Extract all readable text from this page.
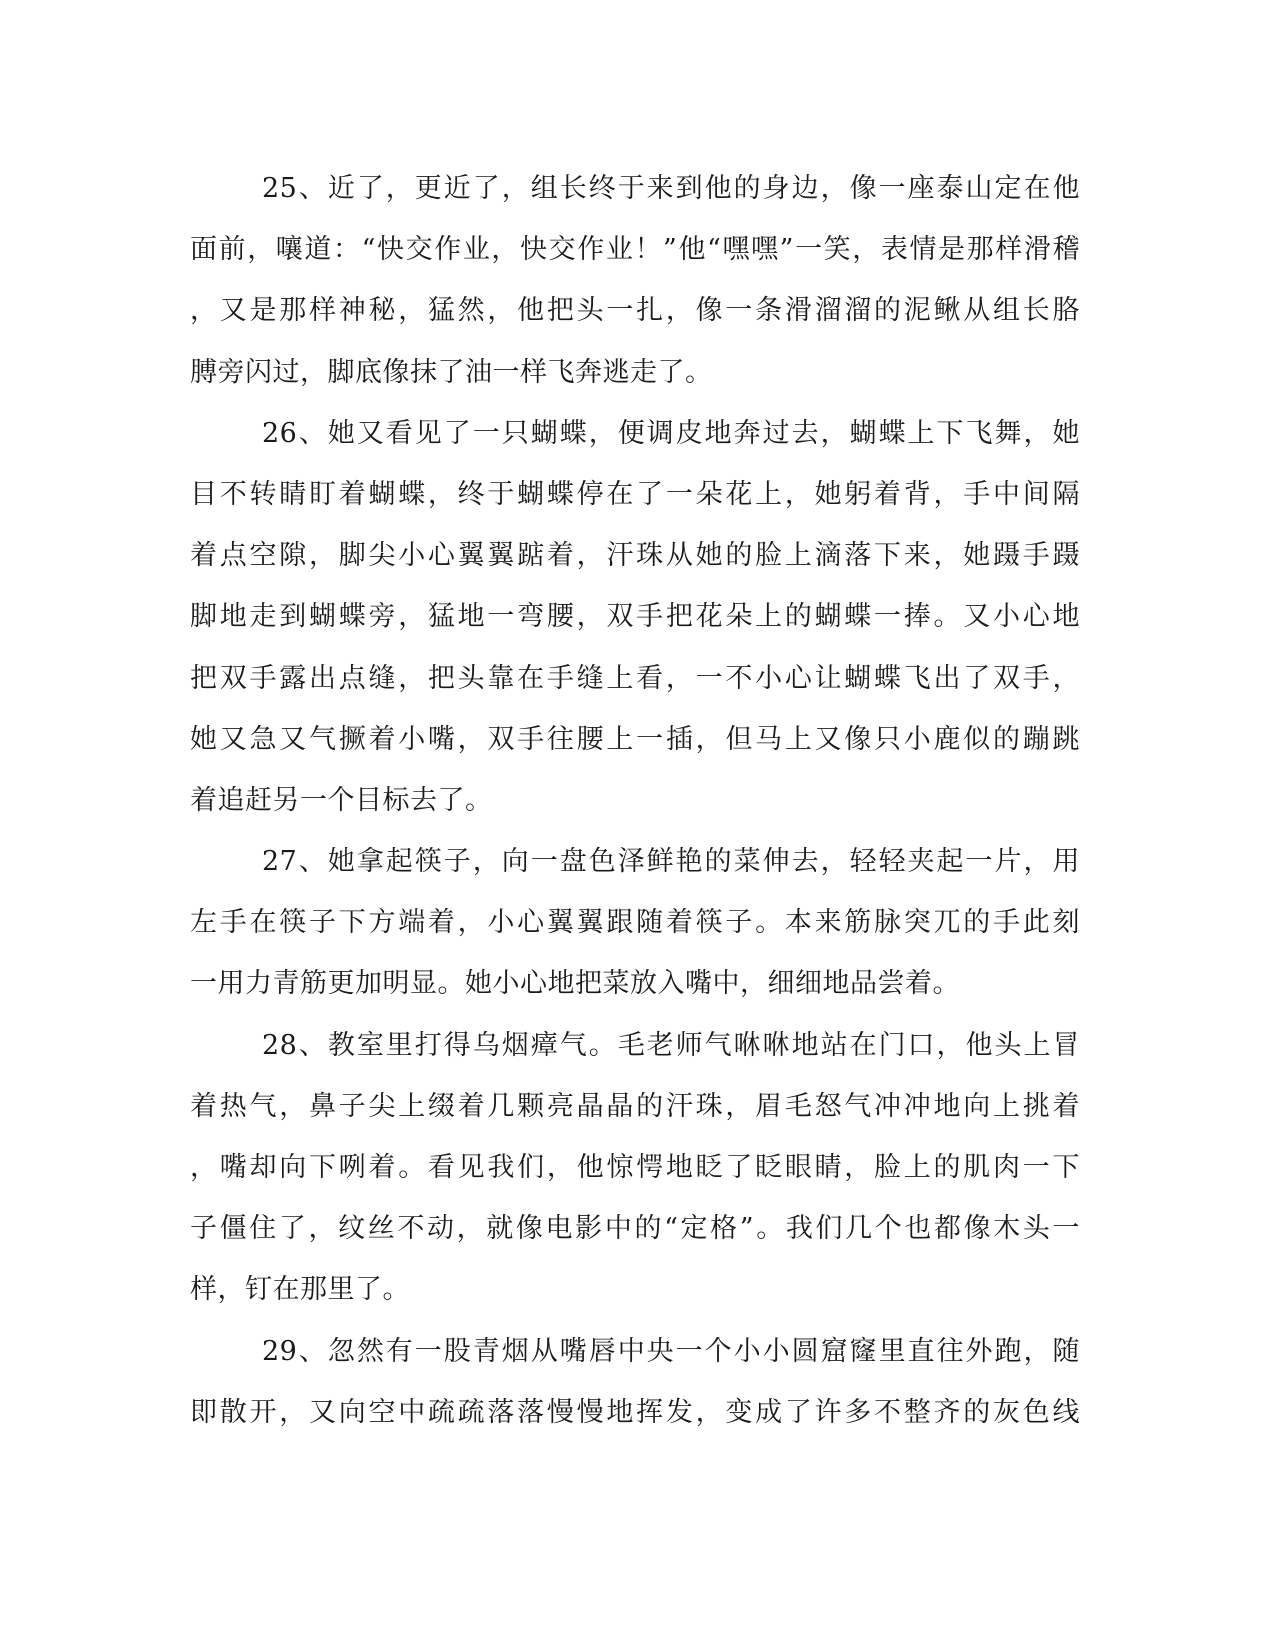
25、近了，更近了，组长终于来到他的身边，像一座泰山定在他
面前，嚷道：“快交作业，快交作业！”他“嘿嘿”一笑，表情是那样滑稽
，又是那样神秘，猛然，他把头一扎，像一条滑溜溜的泥鳅从组长胳
膊旁闪过，脚底像抹了油一样飞奔逃走了。
26、她又看见了一只蝴蝶，便调皮地奔过去，蝴蝶上下飞舞，她
目不转睛盯着蝴蝶，终于蝴蝶停在了一朵花上，她躬着背，手中间隔
着点空隙，脚尖小心翼翼踮着，汗珠从她的脸上滴落下来，她蹑手蹑
脚地走到蝴蝶旁，猛地一弯腰，双手把花朵上的蝴蝶一捧。又小心地
把双手露出点缝，把头靠在手缝上看，一不小心让蝴蝶飞出了双手，
她又急又气撅着小嘴，双手往腰上一插，但马上又像只小鹿似的蹦跳
着追赶另一个目标去了。
27、她拿起筷子，向一盘色泽鲜艳的菜伸去，轻轻夹起一片，用
左手在筷子下方端着，小心翼翼跟随着筷子。本来筋脉突兀的手此刻
一用力青筋更加明显。她小心地把菜放入嘴中，细细地品尝着。
28、教室里打得乌烟瘴气。毛老师气咻咻地站在门口，他头上冒
着热气，鼻子尖上缀着几颗亮晶晶的汗珠，眉毛怒气冲冲地向上挑着
，嘴却向下咧着。看见我们，他惊愕地眨了眨眼睛，脸上的肌肉一下
子僵住了，纹丝不动，就像电影中的“定格”。我们几个也都像木头一
样，钉在那里了。
29、忽然有一股青烟从嘴唇中央一个小小圆窟窿里直往外跑，随
即散开，又向空中疏疏落落慢慢地挥发，变成了许多不整齐的灰色线
